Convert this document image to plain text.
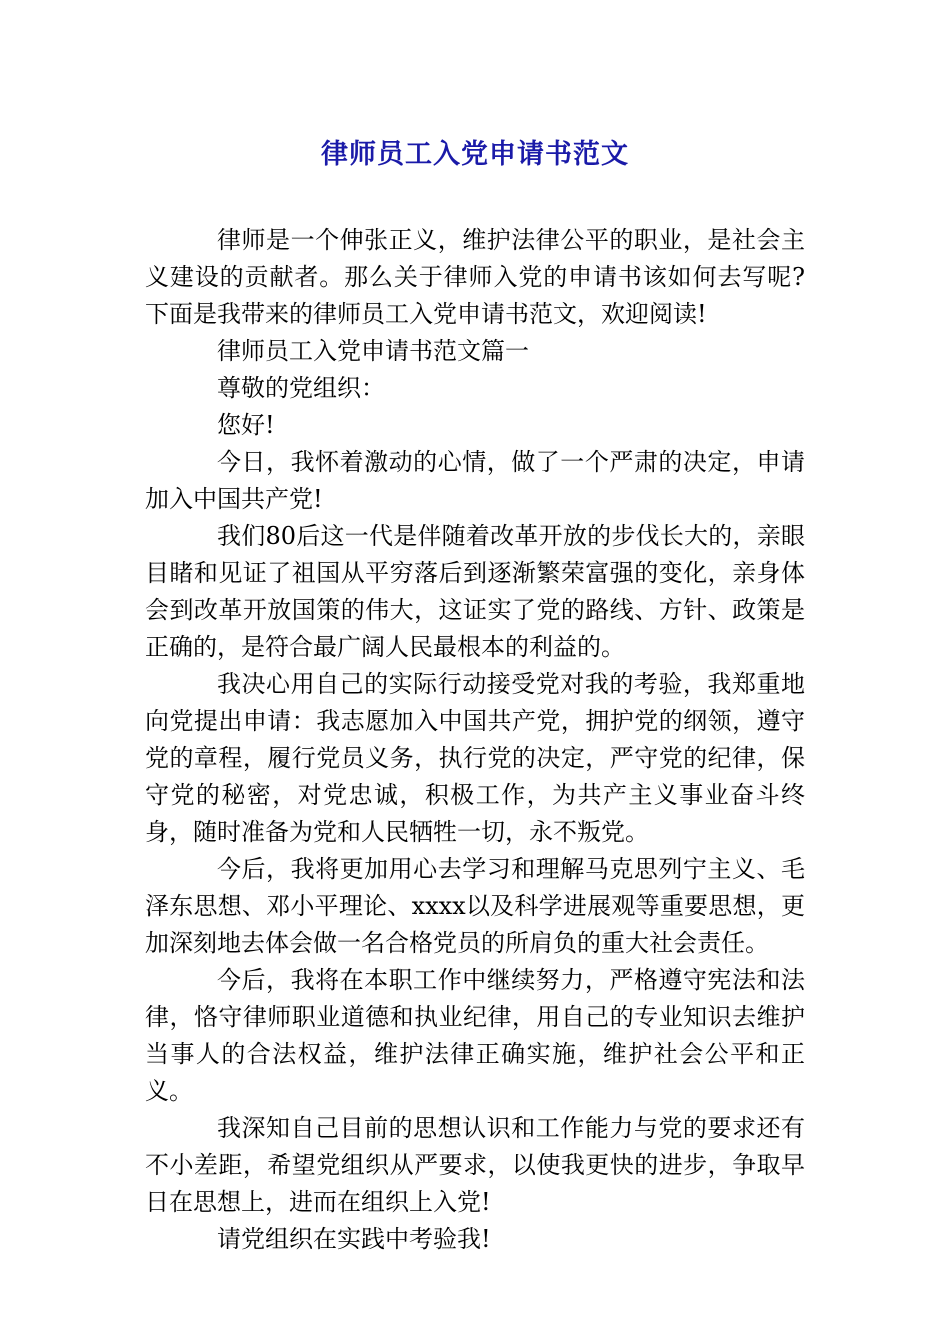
律师员工入党申请书范文

律师是一个伸张正义，维护法律公平的职业，是社会主义建设的贡献者。那么关于律师入党的申请书该如何去写呢?下面是我带来的律师员工入党申请书范文，欢迎阅读!

律师员工入党申请书范文篇一

尊敬的党组织：

您好!

今日，我怀着激动的心情，做了一个严肃的决定，申请加入中国共产党!

我们80后这一代是伴随着改革开放的步伐长大的，亲眼目睹和见证了祖国从平穷落后到逐渐繁荣富强的变化，亲身体会到改革开放国策的伟大，这证实了党的路线、方针、政策是正确的，是符合最广阔人民最根本的利益的。

我决心用自己的实际行动接受党对我的考验，我郑重地向党提出申请：我志愿加入中国共产党，拥护党的纲领，遵守党的章程，履行党员义务，执行党的决定，严守党的纪律，保守党的秘密，对党忠诚，积极工作，为共产主义事业奋斗终身，随时准备为党和人民牺牲一切，永不叛党。

今后，我将更加用心去学习和理解马克思列宁主义、毛泽东思想、邓小平理论、xxxx以及科学进展观等重要思想，更加深刻地去体会做一名合格党员的所肩负的重大社会责任。

今后，我将在本职工作中继续努力，严格遵守宪法和法律，恪守律师职业道德和执业纪律，用自己的专业知识去维护当事人的合法权益，维护法律正确实施，维护社会公平和正义。

我深知自己目前的思想认识和工作能力与党的要求还有不小差距，希望党组织从严要求，以使我更快的进步，争取早日在思想上，进而在组织上入党!

请党组织在实践中考验我!
